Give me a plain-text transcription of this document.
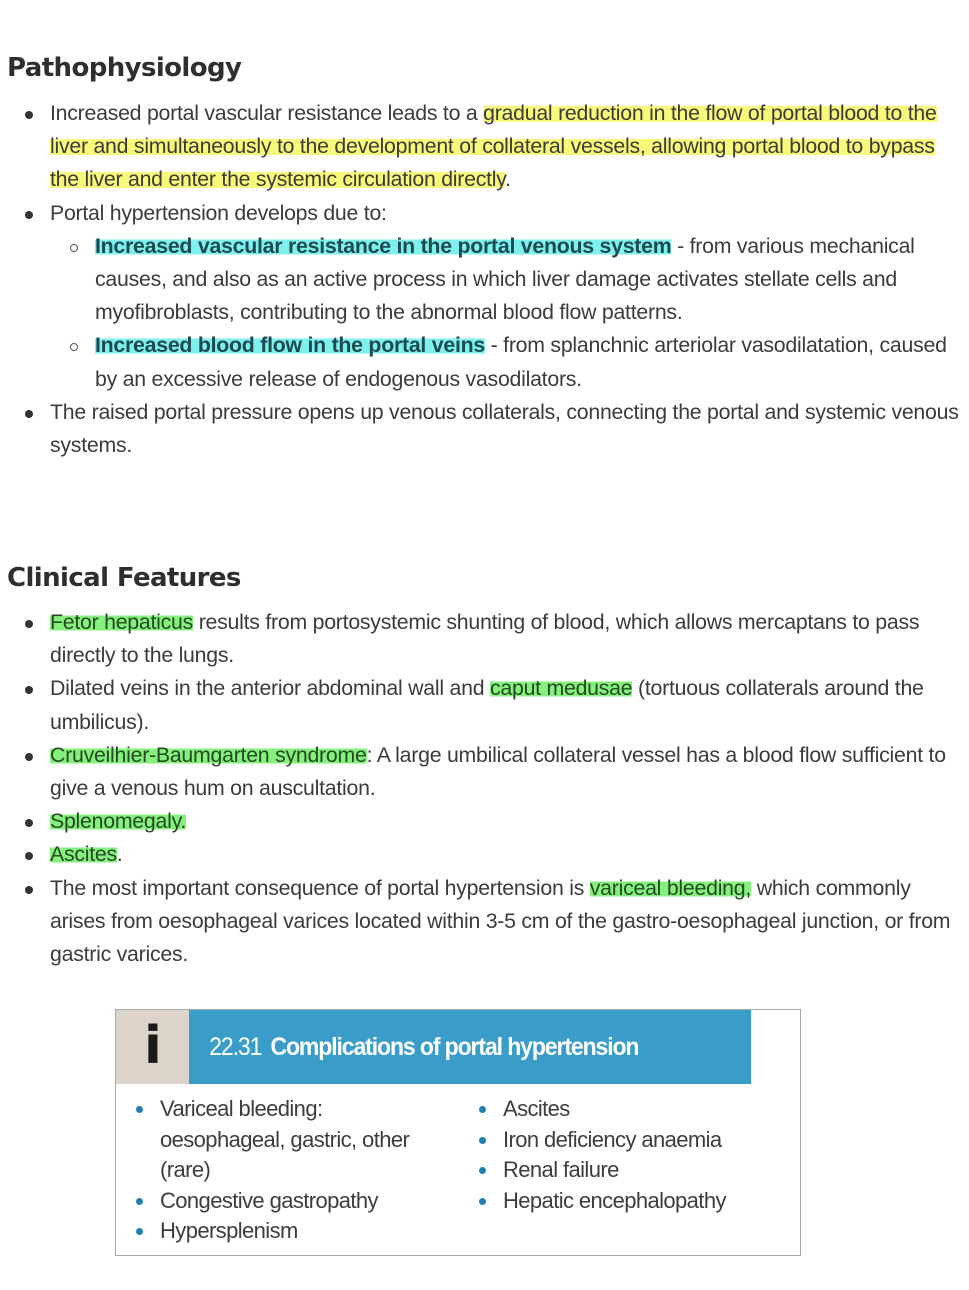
Pathophysiology
Increased portal vascular resistance leads to a gradual reduction in the flow of portal blood to the liver and simultaneously to the development of collateral vessels, allowing portal blood to bypass the liver and enter the systemic circulation directly.
Portal hypertension develops due to:
Increased vascular resistance in the portal venous system - from various mechanical causes, and also as an active process in which liver damage activates stellate cells and myofibroblasts, contributing to the abnormal blood flow patterns.
Increased blood flow in the portal veins - from splanchnic arteriolar vasodilatation, caused by an excessive release of endogenous vasodilators.
The raised portal pressure opens up venous collaterals, connecting the portal and systemic venous systems.
Clinical Features
Fetor hepaticus results from portosystemic shunting of blood, which allows mercaptans to pass directly to the lungs.
Dilated veins in the anterior abdominal wall and caput medusae (tortuous collaterals around the umbilicus).
Cruveilhier-Baumgarten syndrome: A large umbilical collateral vessel has a blood flow sufficient to give a venous hum on auscultation.
Splenomegaly.
Ascites.
The most important consequence of portal hypertension is variceal bleeding, which commonly arises from oesophageal varices located within 3-5 cm of the gastro-oesophageal junction, or from gastric varices.
i	22.31 Complications of portal hypertension
Variceal bleeding: oesophageal, gastric, other (rare)
Congestive gastropathy
Hypersplenism
Ascites
Iron deficiency anaemia
Renal failure
Hepatic encephalopathy
